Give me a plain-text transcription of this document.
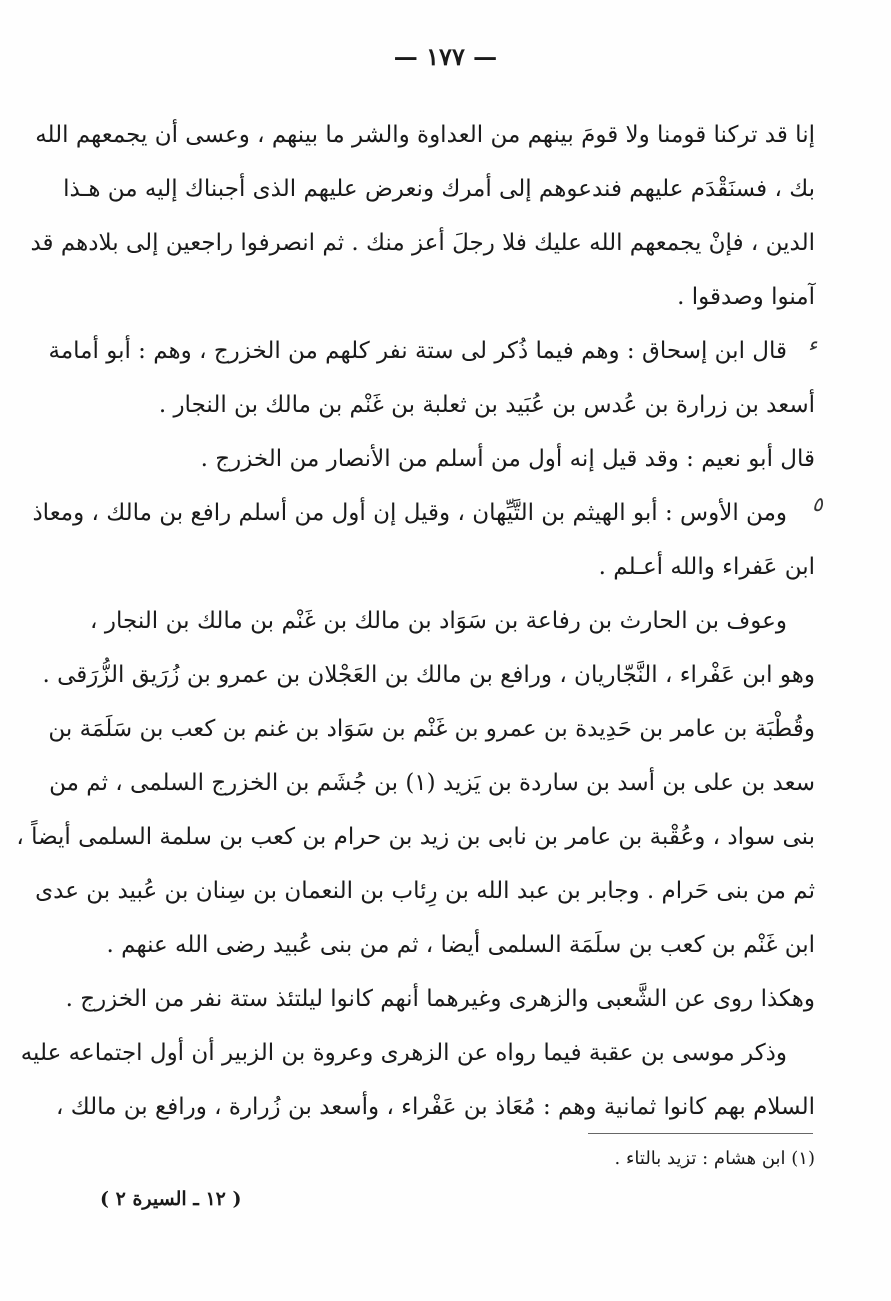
— ١٧٧ —
ء
٥
إنا قد تركنا قومنا ولا قومَ بينهم من العداوة والشر ما بينهم ، وعسى أن يجمعهم الله
بك ، فسنَقْدَم عليهم فندعوهم إلى أمرك ونعرض عليهم الذى أجبناك إليه من هـذا
الدين ، فإنْ يجمعهم الله عليك فلا رجلَ أعز منك . ثم انصرفوا راجعين إلى بلادهم قد
آمنوا وصدقوا .
قال ابن إسحاق : وهم فيما ذُكر لى ستة نفر كلهم من الخزرج ، وهم : أبو أمامة
أسعد بن زرارة بن عُدس بن عُبَيد بن ثعلبة بن غَنْم بن مالك بن النجار .
قال أبو نعيم : وقد قيل إنه أول من أسلم من الأنصار من الخزرج .
ومن الأوس : أبو الهيثم بن التَّيِّهان ، وقيل إن أول من أسلم رافع بن مالك ، ومعاذ
ابن عَفراء والله أعـلم .
وعوف بن الحارث بن رفاعة بن سَوَاد بن مالك بن غَنْم بن مالك بن النجار ،
وهو ابن عَفْراء ، النَّجّاريان ، ورافع بن مالك بن العَجْلان بن عمرو بن زُرَيق الزُّرَقى .
وقُطْبَة بن عامر بن حَدِيدة بن عمرو بن غَنْم بن سَوَاد بن غنم بن كعب بن سَلَمَة بن
سعد بن على بن أسد بن ساردة بن يَزيد (١) بن جُشَم بن الخزرج السلمى ، ثم من
بنى سواد ، وعُقْبة بن عامر بن نابى بن زيد بن حرام بن كعب بن سلمة السلمى أيضاً ،
ثم من بنى حَرام . وجابر بن عبد الله بن رِئاب بن النعمان بن سِنان بن عُبيد بن عدى
ابن غَنْم بن كعب بن سلَمَة السلمى أيضا ، ثم من بنى عُبيد رضى الله عنهم .
وهكذا روى عن الشَّعبى والزهرى وغيرهما أنهم كانوا ليلتئذ ستة نفر من الخزرج .
وذكر موسى بن عقبة فيما رواه عن الزهرى وعروة بن الزبير أن أول اجتماعه عليه
السلام بهم كانوا ثمانية وهم : مُعَاذ بن عَفْراء ، وأسعد بن زُرارة ، ورافع بن مالك ،
(١) ابن هشام : تزيد بالتاء .
( ١٢ ـ السيرة ٢ )
